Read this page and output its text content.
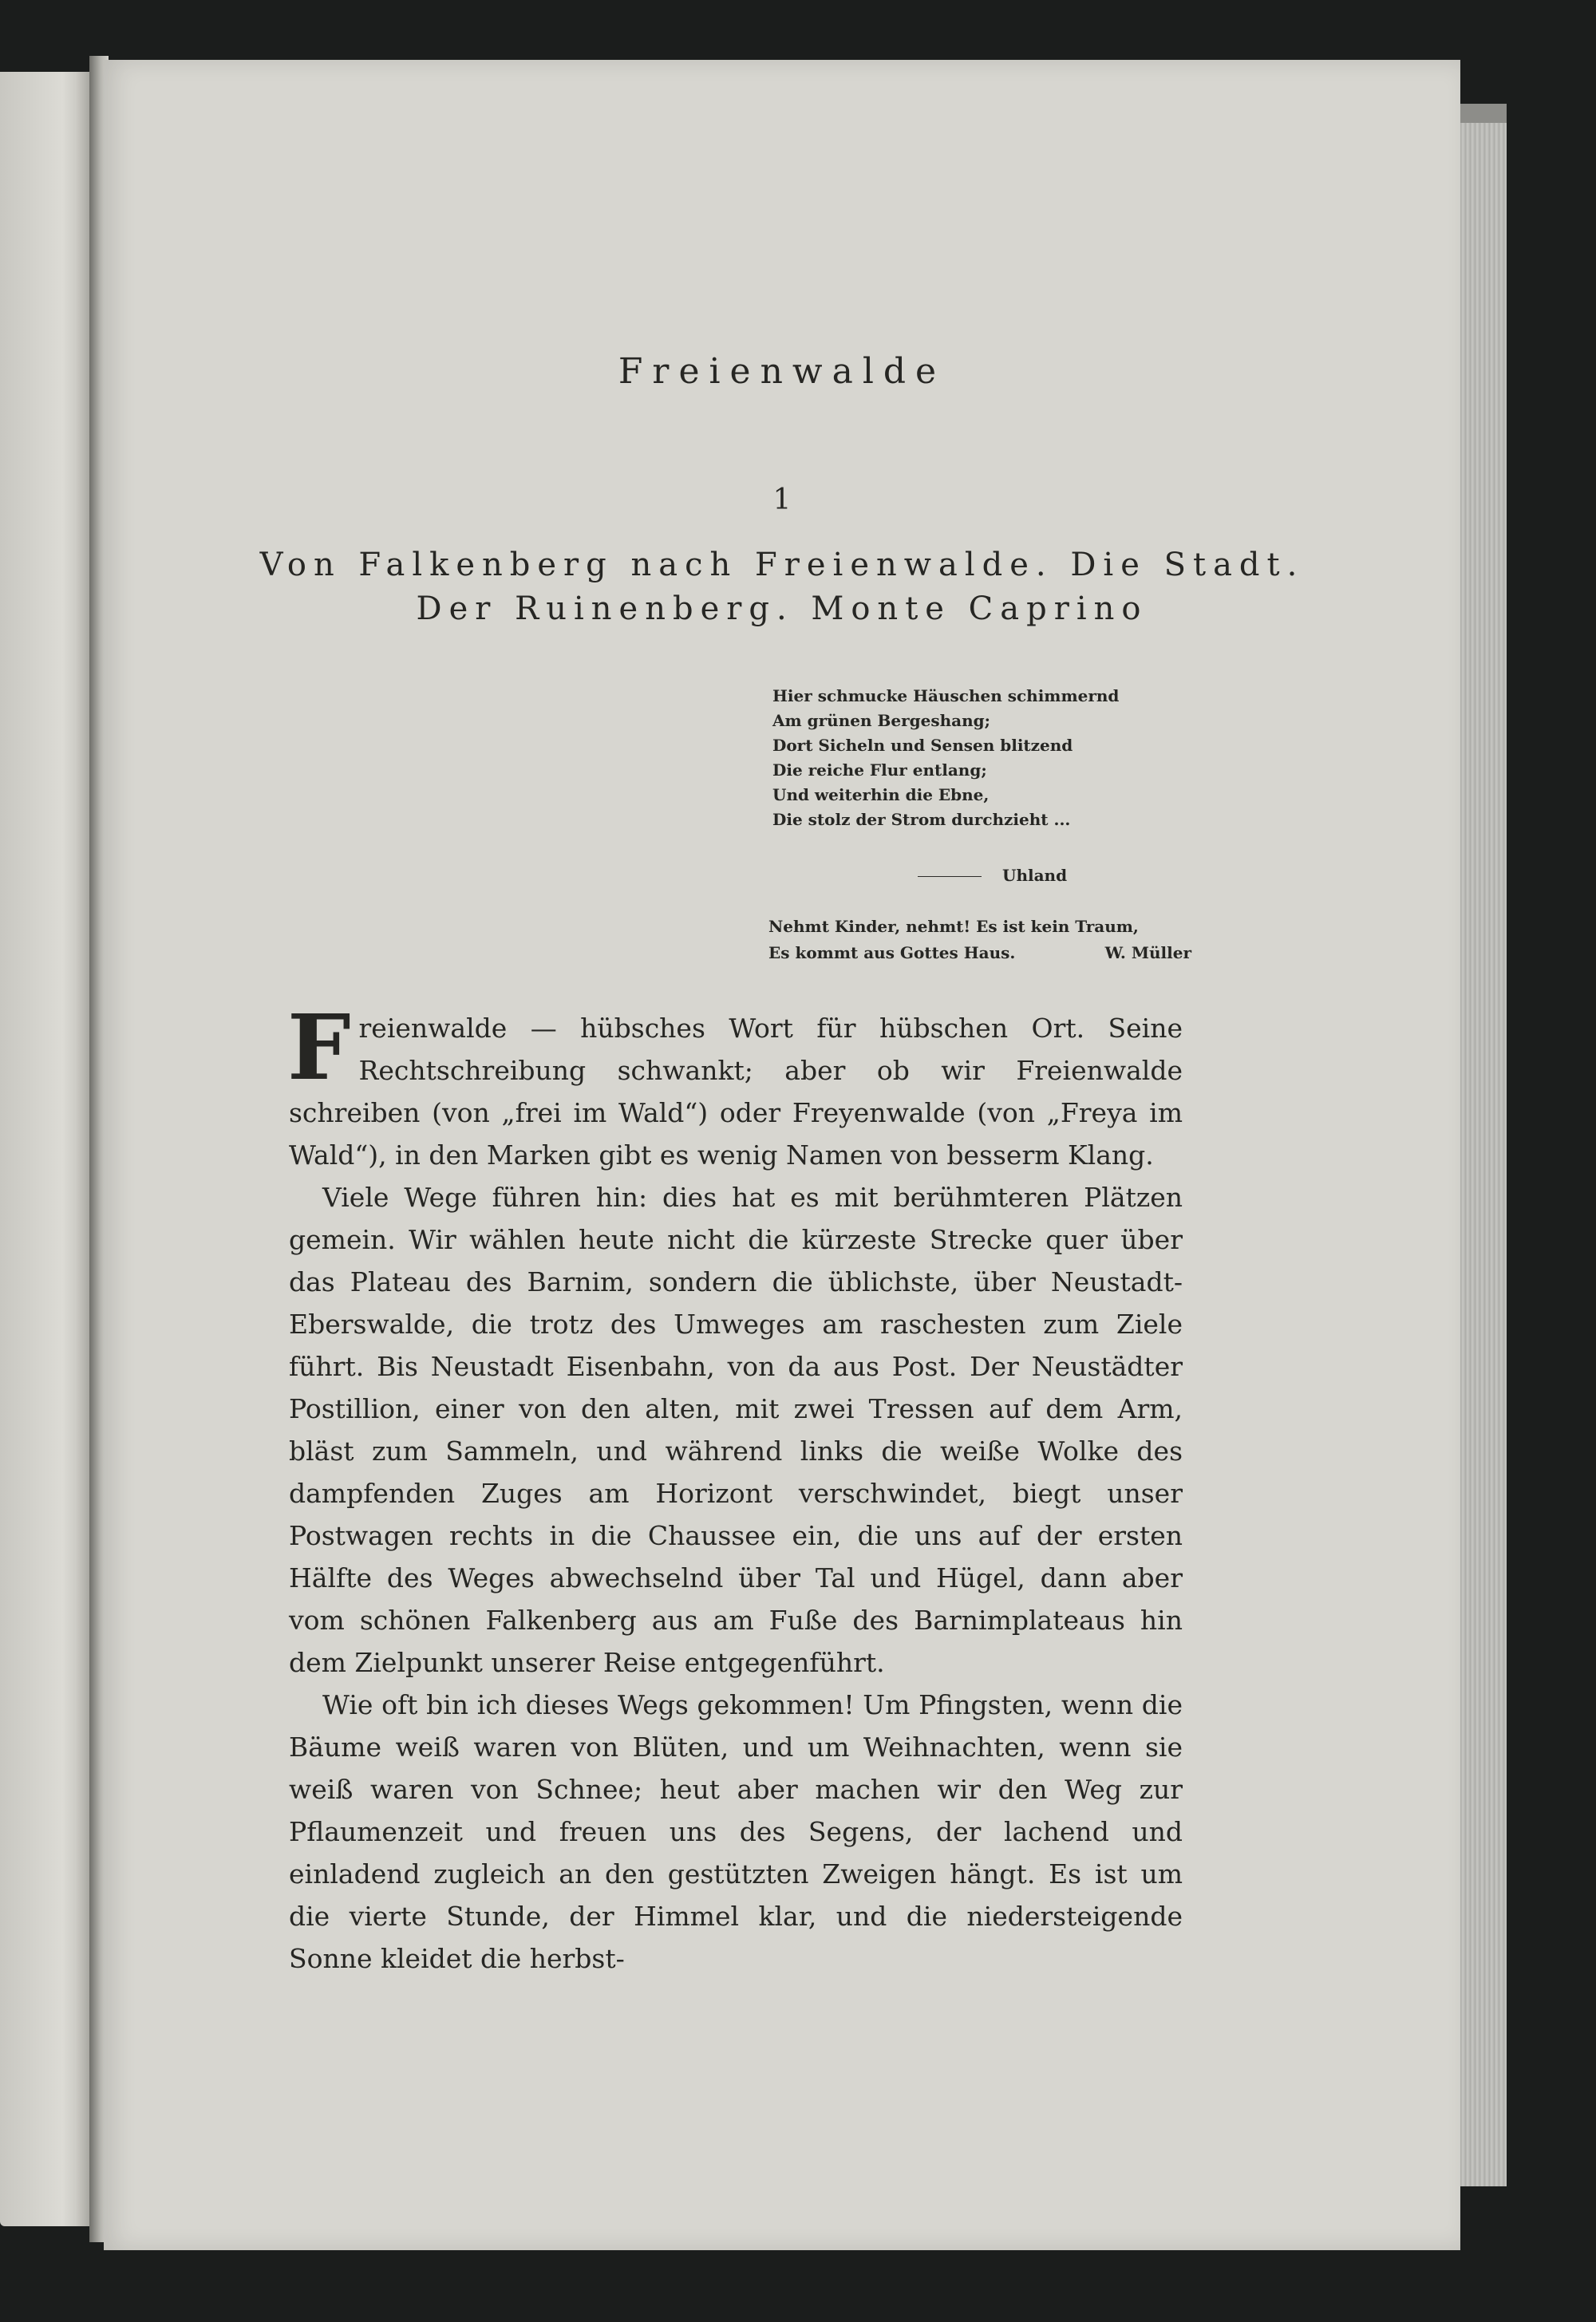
Freienwalde
1
Von Falkenberg nach Freienwalde. Die Stadt.
Der Ruinenberg. Monte Caprino
Hier schmucke Häuschen schimmernd
Am grünen Bergeshang;
Dort Sicheln und Sensen blitzend
Die reiche Flur entlang;
Und weiterhin die Ebne,
Die stolz der Strom durchzieht ...
Uhland
Nehmt Kinder, nehmt! Es ist kein Traum,
Es kommt aus Gottes Haus.	W. Müller

Freienwalde — hübsches Wort für hübschen Ort. Seine Rechtschreibung schwankt; aber ob wir Freienwalde schreiben (von „frei im Wald“) oder Freyenwalde (von „Freya im Wald“), in den Marken gibt es wenig Namen von besserm Klang.

Viele Wege führen hin: dies hat es mit berühmteren Plätzen gemein. Wir wählen heute nicht die kürzeste Strecke quer über das Plateau des Barnim, sondern die üblichste, über Neustadt-Eberswalde, die trotz des Umweges am raschesten zum Ziele führt. Bis Neustadt Eisenbahn, von da aus Post. Der Neustädter Postillion, einer von den alten, mit zwei Tressen auf dem Arm, bläst zum Sammeln, und während links die weiße Wolke des dampfenden Zuges am Horizont verschwindet, biegt unser Postwagen rechts in die Chaussee ein, die uns auf der ersten Hälfte des Weges abwechselnd über Tal und Hügel, dann aber vom schönen Falkenberg aus am Fuße des Barnimplateaus hin dem Zielpunkt unserer Reise entgegenführt.

Wie oft bin ich dieses Wegs gekommen! Um Pfingsten, wenn die Bäume weiß waren von Blüten, und um Weihnachten, wenn sie weiß waren von Schnee; heut aber machen wir den Weg zur Pflaumenzeit und freuen uns des Segens, der lachend und einladend zugleich an den gestützten Zweigen hängt. Es ist um die vierte Stunde, der Himmel klar, und die niedersteigende Sonne kleidet die herbst-
